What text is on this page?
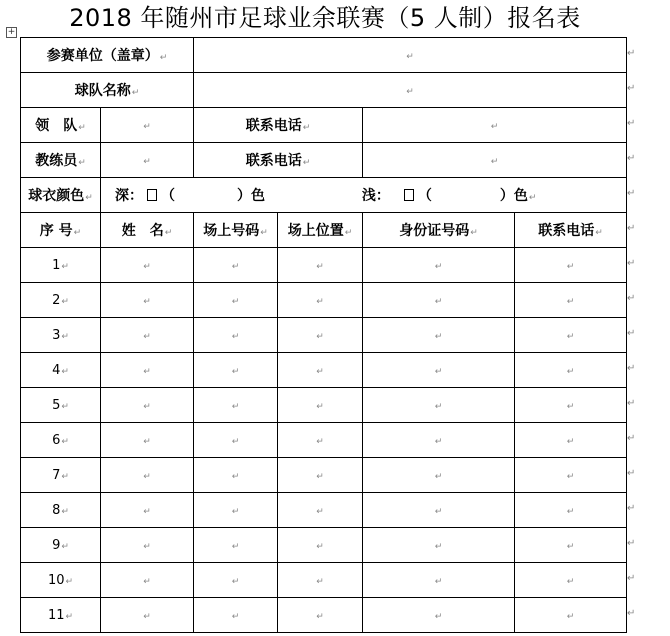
2018 年随州市足球业余联赛（5 人制）报名表
+
参赛单位（盖章）↵		↵			
球队名称↵		↵			
领　队↵	↵	联系电话↵		↵	
教练员↵	↵	联系电话↵		↵	
球衣颜色↵	深： （ ）色 浅： （ ）色↵				
序 号↵	姓　名↵	场上号码↵	场上位置↵	身份证号码↵	联系电话↵
1↵	↵	↵	↵	↵	↵
2↵	↵	↵	↵	↵	↵
3↵	↵	↵	↵	↵	↵
4↵	↵	↵	↵	↵	↵
5↵	↵	↵	↵	↵	↵
6↵	↵	↵	↵	↵	↵
7↵	↵	↵	↵	↵	↵
8↵	↵	↵	↵	↵	↵
9↵	↵	↵	↵	↵	↵
10↵	↵	↵	↵	↵	↵
11↵	↵	↵	↵	↵	↵
↵
↵
↵
↵
↵
↵
↵
↵
↵
↵
↵
↵
↵
↵
↵
↵
↵
